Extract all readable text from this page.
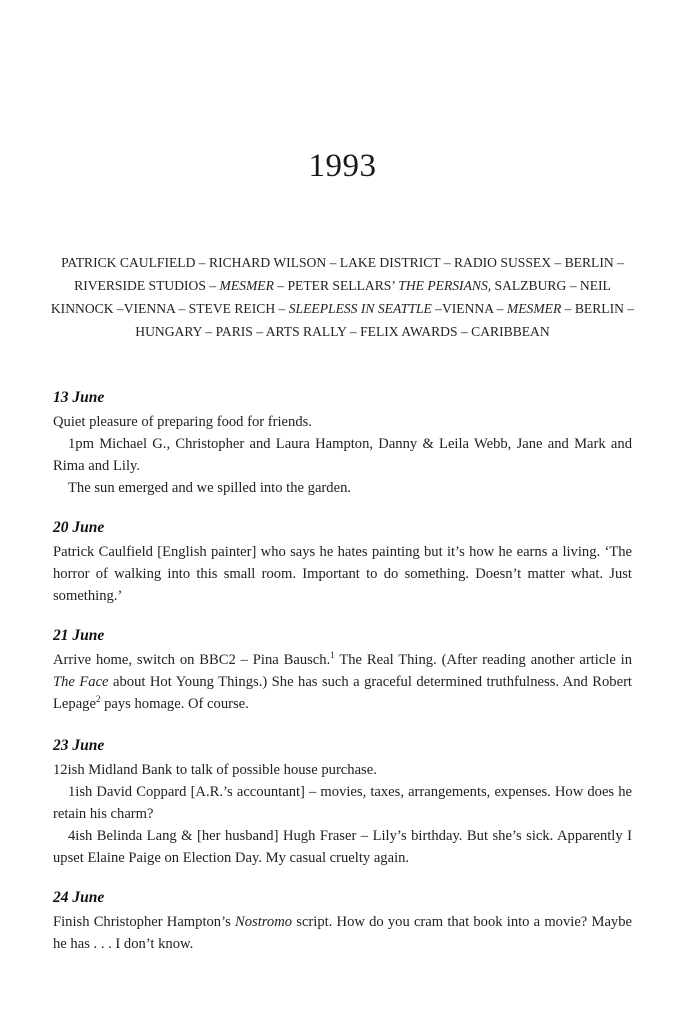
1993
PATRICK CAULFIELD – RICHARD WILSON – LAKE DISTRICT – RADIO SUSSEX – BERLIN – RIVERSIDE STUDIOS – MESMER – PETER SELLARS’ THE PERSIANS, SALZBURG – NEIL KINNOCK –VIENNA – STEVE REICH – SLEEPLESS IN SEATTLE –VIENNA – MESMER – BERLIN – HUNGARY – PARIS – ARTS RALLY – FELIX AWARDS – CARIBBEAN
13 June

Quiet pleasure of preparing food for friends.

1pm Michael G., Christopher and Laura Hampton, Danny & Leila Webb, Jane and Mark and Rima and Lily.

The sun emerged and we spilled into the garden.

20 June

Patrick Caulfield [English painter] who says he hates painting but it’s how he earns a living. ‘The horror of walking into this small room. Important to do something. Doesn’t matter what. Just something.’

21 June

Arrive home, switch on BBC2 – Pina Bausch.$^1$ The Real Thing. (After reading another article in The Face about Hot Young Things.) She has such a graceful determined truthfulness. And Robert Lepage$^2$ pays homage. Of course.

23 June

12ish Midland Bank to talk of possible house purchase.

1ish David Coppard [A.R.’s accountant] – movies, taxes, arrangements, expenses. How does he retain his charm?

4ish Belinda Lang & [her husband] Hugh Fraser – Lily’s birthday. But she’s sick. Apparently I upset Elaine Paige on Election Day. My casual cruelty again.

24 June

Finish Christopher Hampton’s Nostromo script. How do you cram that book into a movie? Maybe he has . . . I don’t know.
